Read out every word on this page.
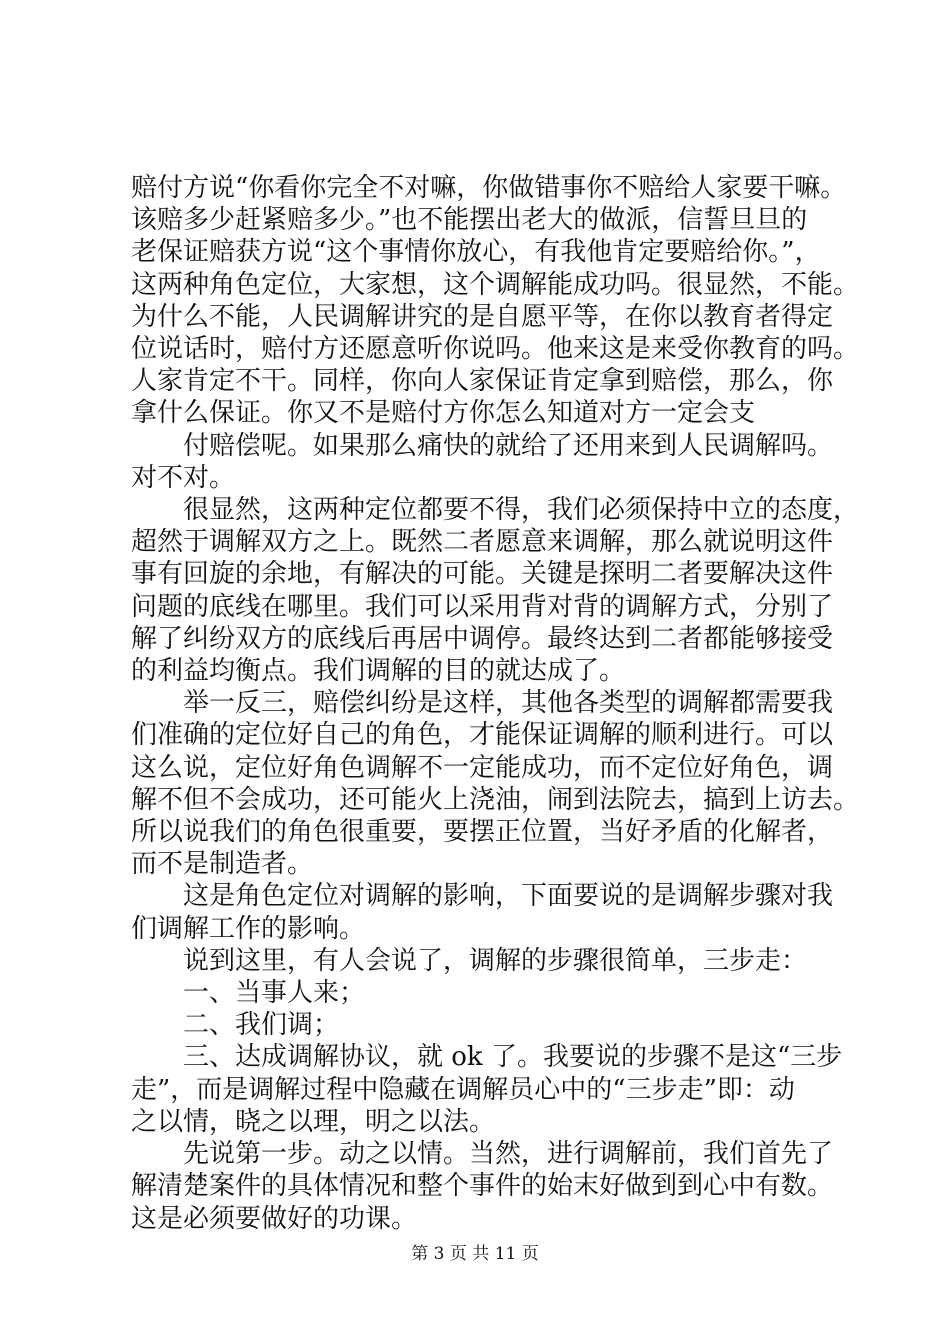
赔付方说“你看你完全不对嘛，你做错事你不赔给人家要干嘛。

该赔多少赶紧赔多少。”也不能摆出老大的做派，信誓旦旦的

老保证赔获方说“这个事情你放心，有我他肯定要赔给你。”，

这两种角色定位，大家想，这个调解能成功吗。很显然，不能。

为什么不能，人民调解讲究的是自愿平等，在你以教育者得定

位说话时，赔付方还愿意听你说吗。他来这是来受你教育的吗。

人家肯定不干。同样，你向人家保证肯定拿到赔偿，那么，你

拿什么保证。你又不是赔付方你怎么知道对方一定会支

付赔偿呢。如果那么痛快的就给了还用来到人民调解吗。

对不对。

很显然，这两种定位都要不得，我们必须保持中立的态度，

超然于调解双方之上。既然二者愿意来调解，那么就说明这件

事有回旋的余地，有解决的可能。关键是探明二者要解决这件

问题的底线在哪里。我们可以采用背对背的调解方式，分别了

解了纠纷双方的底线后再居中调停。最终达到二者都能够接受

的利益均衡点。我们调解的目的就达成了。

举一反三，赔偿纠纷是这样，其他各类型的调解都需要我

们准确的定位好自己的角色，才能保证调解的顺利进行。可以

这么说，定位好角色调解不一定能成功，而不定位好角色，调

解不但不会成功，还可能火上浇油，闹到法院去，搞到上访去。

所以说我们的角色很重要，要摆正位置，当好矛盾的化解者，

而不是制造者。

这是角色定位对调解的影响，下面要说的是调解步骤对我

们调解工作的影响。

说到这里，有人会说了，调解的步骤很简单，三步走：

一、当事人来；

二、我们调；

三、达成调解协议，就 ok 了。我要说的步骤不是这“三步

走”，而是调解过程中隐藏在调解员心中的“三步走”即：动

之以情，晓之以理，明之以法。

先说第一步。动之以情。当然，进行调解前，我们首先了

解清楚案件的具体情况和整个事件的始末好做到到心中有数。

这是必须要做好的功课。

第 3 页 共 11 页
